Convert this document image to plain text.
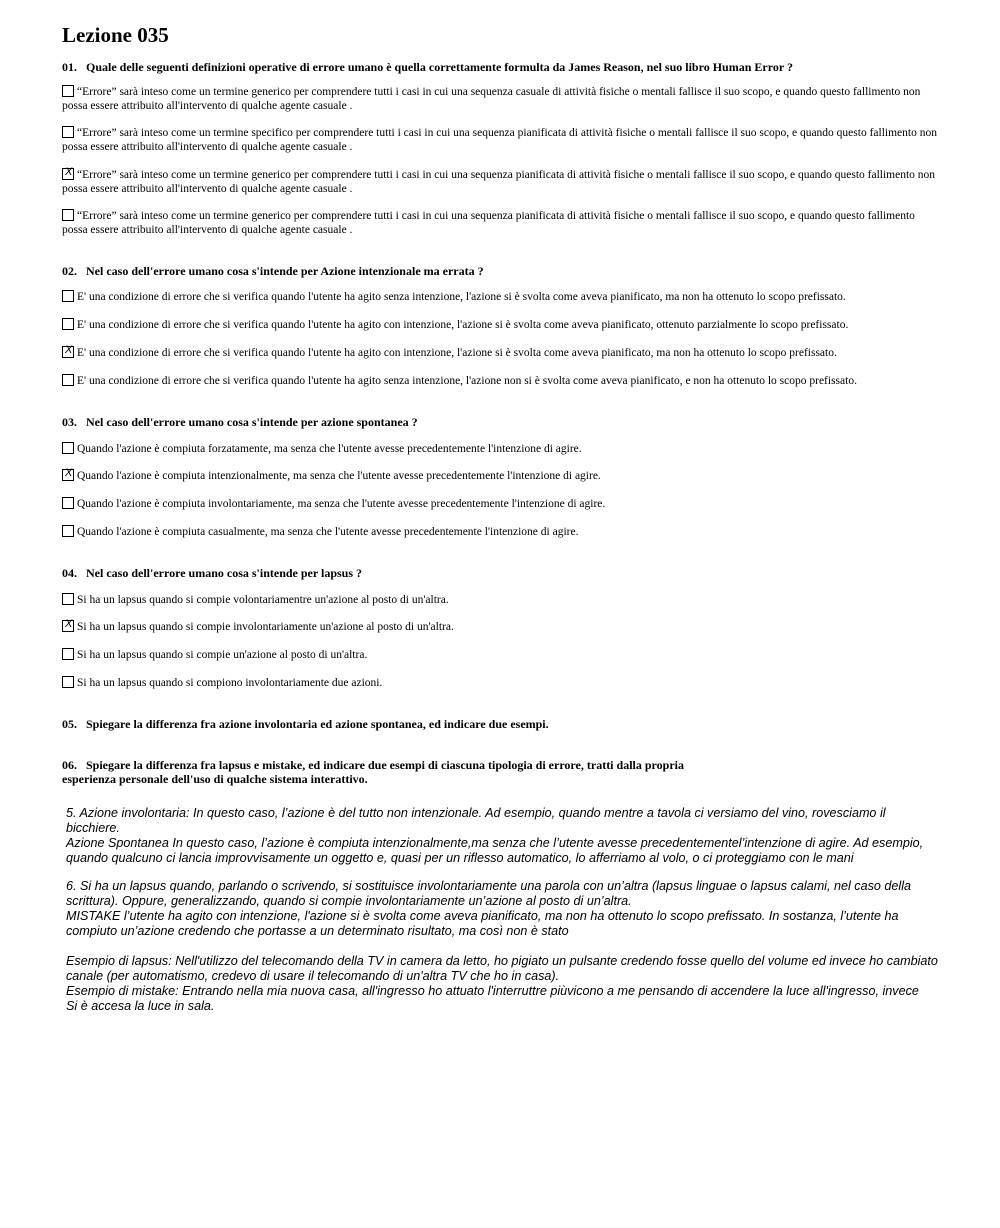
Lezione 035

01. Quale delle seguenti definizioni operative di errore umano è quella correttamente formulta da James Reason, nel suo libro Human Error ?

“Errore” sarà inteso come un termine generico per comprendere tutti i casi in cui una sequenza casuale di attività fisiche o mentali fallisce il suo scopo, e quando questo fallimento non possa essere attribuito all'intervento di qualche agente casuale .
“Errore” sarà inteso come un termine specifico per comprendere tutti i casi in cui una sequenza pianificata di attività fisiche o mentali fallisce il suo scopo, e quando questo fallimento non possa essere attribuito all'intervento di qualche agente casuale .
X “Errore” sarà inteso come un termine generico per comprendere tutti i casi in cui una sequenza pianificata di attività fisiche o mentali fallisce il suo scopo, e quando questo fallimento non possa essere attribuito all'intervento di qualche agente casuale .
“Errore” sarà inteso come un termine generico per comprendere tutti i casi in cui una sequenza pianificata di attività fisiche o mentali fallisce il suo scopo, e quando questo fallimento possa essere attribuito all'intervento di qualche agente casuale .

02. Nel caso dell'errore umano cosa s'intende per Azione intenzionale ma errata ?

E' una condizione di errore che si verifica quando l'utente ha agito senza intenzione, l'azione si è svolta come aveva pianificato, ma non ha ottenuto lo scopo prefissato.
E' una condizione di errore che si verifica quando l'utente ha agito con intenzione, l'azione si è svolta come aveva pianificato, ottenuto parzialmente lo scopo prefissato.
X E' una condizione di errore che si verifica quando l'utente ha agito con intenzione, l'azione si è svolta come aveva pianificato, ma non ha ottenuto lo scopo prefissato.
E' una condizione di errore che si verifica quando l'utente ha agito senza intenzione, l'azione non si è svolta come aveva pianificato, e non ha ottenuto lo scopo prefissato.

03. Nel caso dell'errore umano cosa s'intende per azione spontanea ?

Quando l'azione è compiuta forzatamente, ma senza che l'utente avesse precedentemente l'intenzione di agire.
X Quando l'azione è compiuta intenzionalmente, ma senza che l'utente avesse precedentemente l'intenzione di agire.
Quando l'azione è compiuta involontariamente, ma senza che l'utente avesse precedentemente l'intenzione di agire.
Quando l'azione è compiuta casualmente, ma senza che l'utente avesse precedentemente l'intenzione di agire.

04. Nel caso dell'errore umano cosa s'intende per lapsus ?

Si ha un lapsus quando si compie volontariamentre un'azione al posto di un'altra.
X Si ha un lapsus quando si compie involontariamente un'azione al posto di un'altra.
Si ha un lapsus quando si compie un'azione al posto di un'altra.
Si ha un lapsus quando si compiono involontariamente due azioni.

05. Spiegare la differenza fra azione involontaria ed azione spontanea, ed indicare due esempi.

06. Spiegare la differenza fra lapsus e mistake, ed indicare due esempi di ciascuna tipologia di errore, tratti dalla propria

esperienza personale dell'uso di qualche sistema interattivo.

5. Azione involontaria: In questo caso, l’azione è del tutto non intenzionale. Ad esempio, quando mentre a tavola ci versiamo del vino, rovesciamo il

bicchiere.

Azione Spontanea In questo caso, l’azione è compiuta intenzionalmente,ma senza che l’utente avesse precedentementel’intenzione di agire. Ad esempio,

quando qualcuno ci lancia improvvisamente un oggetto e, quasi per un riflesso automatico, lo afferriamo al volo, o ci proteggiamo con le mani

6. Si ha un lapsus quando, parlando o scrivendo, si sostituisce involontariamente una parola con un’altra (lapsus linguae o lapsus calami, nel caso della

scrittura). Oppure, generalizzando, quando si compie involontariamente un’azione al posto di un’altra.

MISTAKE l’utente ha agito con intenzione, l'azione si è svolta come aveva pianificato, ma non ha ottenuto lo scopo prefissato. In sostanza, l’utente ha

compiuto un’azione credendo che portasse a un determinato risultato, ma così non è stato

Esempio di lapsus: Nell'utilizzo del telecomando della TV in camera da letto, ho pigiato un pulsante credendo fosse quello del volume ed invece ho cambiato

canale (per automatismo, credevo di usare il telecomando di un'altra TV che ho in casa).

Esempio di mistake: Entrando nella mia nuova casa, all'ingresso ho attuato l'interruttre piùvicono a me pensando di accendere la luce all'ingresso, invece

Si è accesa la luce in sala.
